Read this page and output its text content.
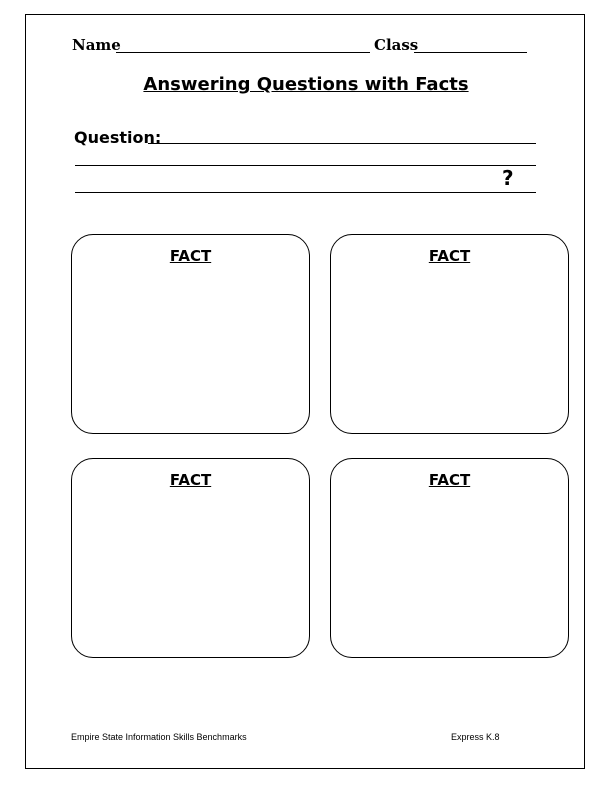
Name	Class
Answering Questions with Facts
Question:
?
FACT	FACT
FACT	FACT
Empire State Information Skills Benchmarks	Express K.8
